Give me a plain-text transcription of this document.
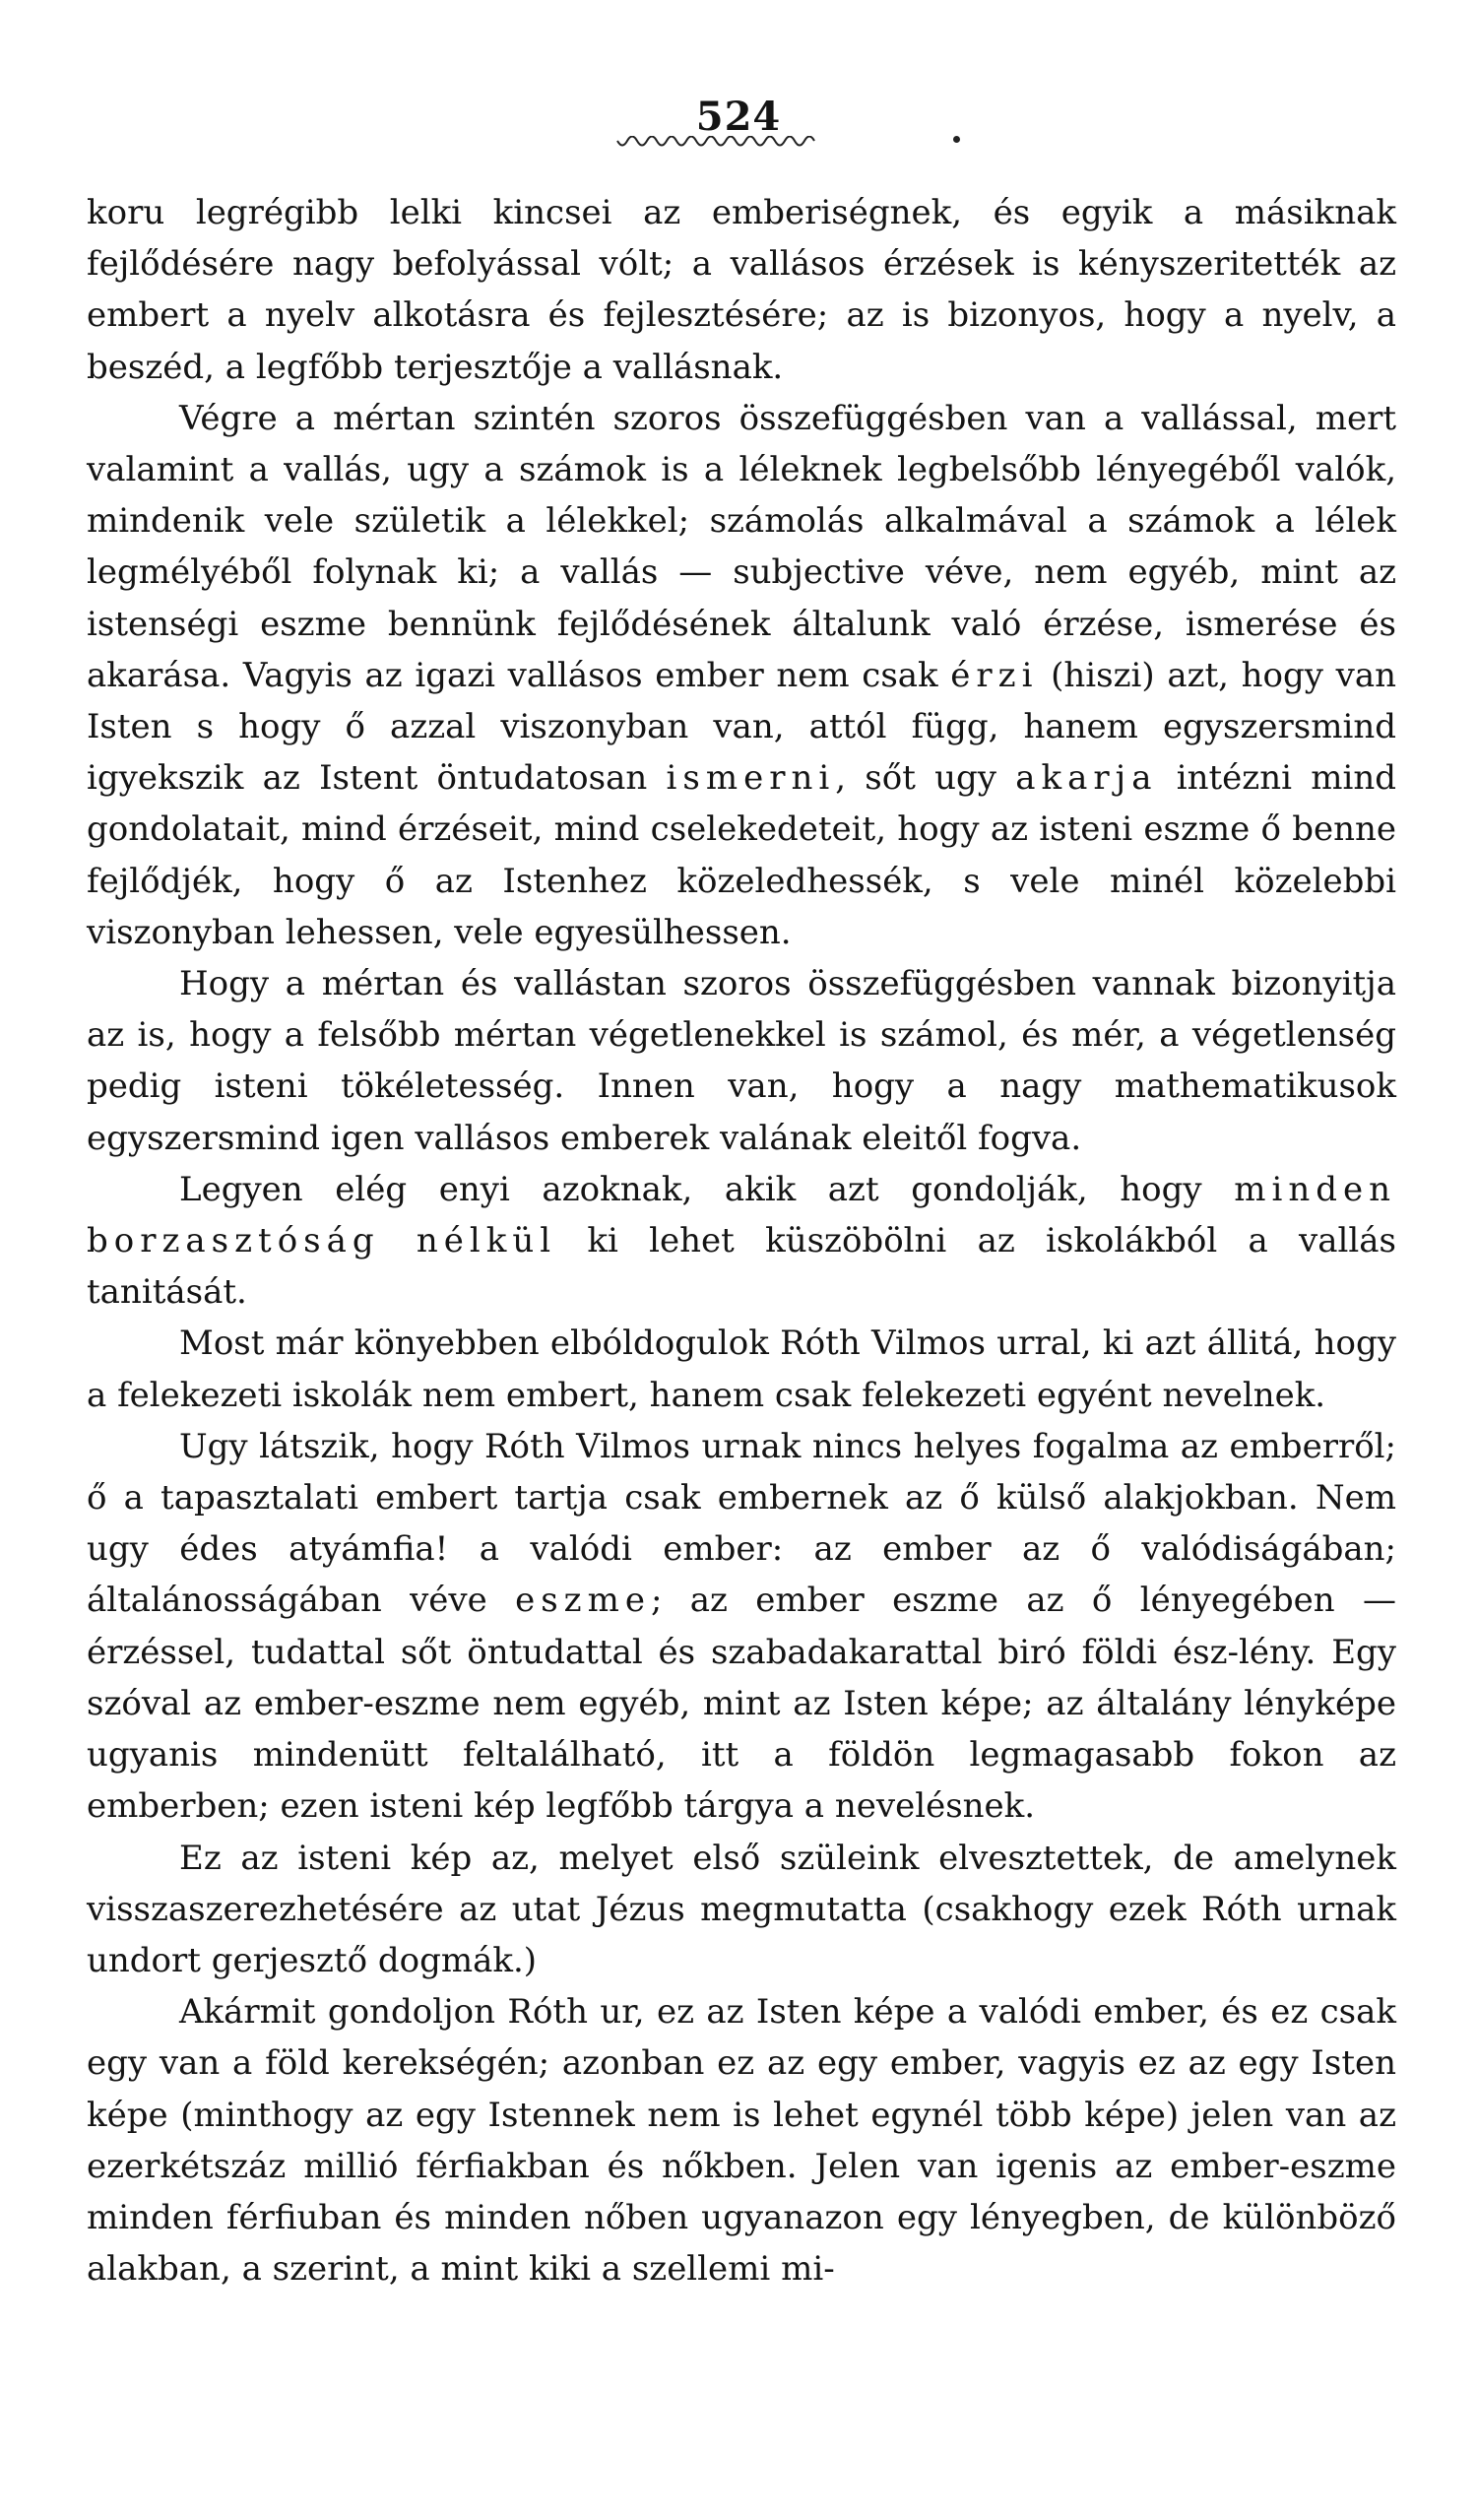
524

koru legrégibb lelki kincsei az emberiségnek, és egyik a másiknak fejlődésére nagy befolyással vólt; a vallásos érzések is kényszeritették az embert a nyelv alkotásra és fejlesztésére; az is bizonyos, hogy a nyelv, a beszéd, a legfőbb terjesztője a vallásnak.

Végre a mértan szintén szoros összefüggésben van a vallással, mert valamint a vallás, ugy a számok is a léleknek legbelsőbb lényegéből valók, mindenik vele születik a lélekkel; számolás alkalmával a számok a lélek legmélyéből folynak ki; a vallás — subjective véve, nem egyéb, mint az istenségi eszme bennünk fejlődésének általunk való érzése, ismerése és akarása. Vagyis az igazi vallásos ember nem csak érzi (hiszi) azt, hogy van Isten s hogy ő azzal viszonyban van, attól függ, hanem egyszersmind igyekszik az Istent öntudatosan ismerni, sőt ugy akarja intézni mind gondolatait, mind érzéseit, mind cselekedeteit, hogy az isteni eszme ő benne fejlődjék, hogy ő az Istenhez közeledhessék, s vele minél közelebbi viszonyban lehessen, vele egyesülhessen.

Hogy a mértan és vallástan szoros összefüggésben vannak bizonyitja az is, hogy a felsőbb mértan végetlenekkel is számol, és mér, a végetlenség pedig isteni tökéletesség. Innen van, hogy a nagy mathematikusok egyszersmind igen vallásos emberek valának eleitől fogva.

Legyen elég enyi azoknak, akik azt gondolják, hogy minden borzasztóság nélkül ki lehet küszöbölni az iskolákból a vallás tanitását.

Most már könyebben elbóldogulok Róth Vilmos urral, ki azt állitá, hogy a felekezeti iskolák nem embert, hanem csak felekezeti egyént nevelnek.

Ugy látszik, hogy Róth Vilmos urnak nincs helyes fogalma az emberről; ő a tapasztalati embert tartja csak embernek az ő külső alakjokban. Nem ugy édes atyámfia! a valódi ember: az ember az ő valódiságában; általánosságában véve eszme; az ember eszme az ő lényegében — érzéssel, tudattal sőt öntudattal és szabadakarattal biró földi ész-lény. Egy szóval az ember-eszme nem egyéb, mint az Isten képe; az általány lényképe ugyanis mindenütt feltalálható, itt a földön legmagasabb fokon az emberben; ezen isteni kép legfőbb tárgya a nevelésnek.

Ez az isteni kép az, melyet első szüleink elvesztettek, de amelynek visszaszerezhetésére az utat Jézus megmutatta (csakhogy ezek Róth urnak undort gerjesztő dogmák.)

Akármit gondoljon Róth ur, ez az Isten képe a valódi ember, és ez csak egy van a föld kerekségén; azonban ez az egy ember, vagyis ez az egy Isten képe (minthogy az egy Istennek nem is lehet egynél több képe) jelen van az ezerkétszáz millió férfiakban és nőkben. Jelen van igenis az ember-eszme minden férfiuban és minden nőben ugyanazon egy lényegben, de különböző alakban, a szerint, a mint kiki a szellemi mi-
